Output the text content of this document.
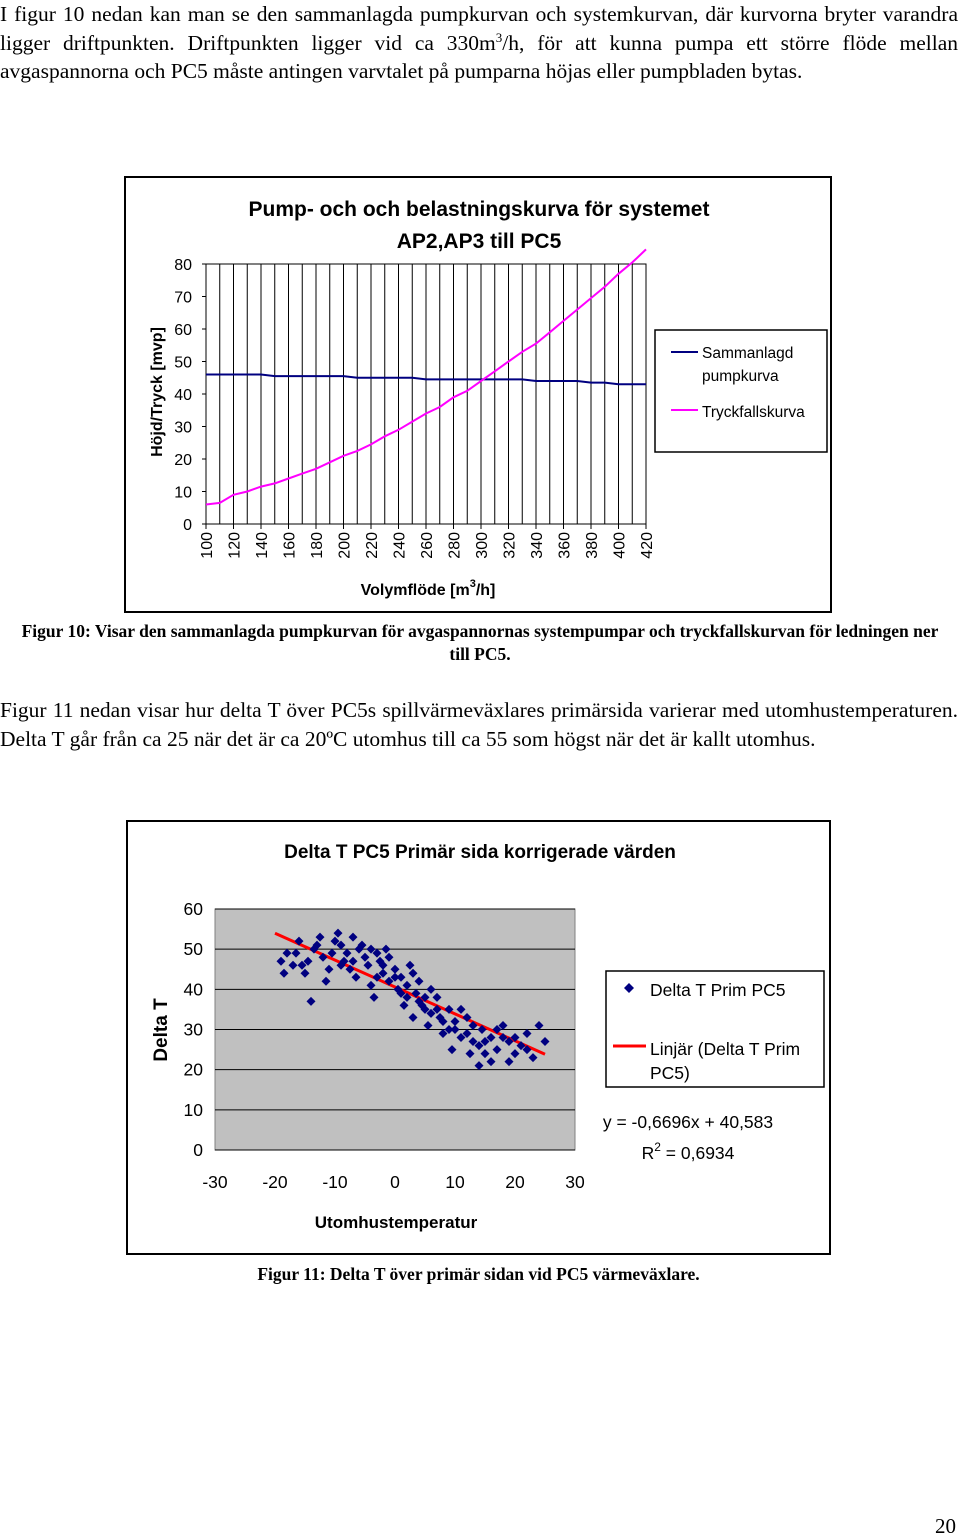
I figur 10 nedan kan man se den sammanlagda pumpkurvan och systemkurvan, där kurvorna bryter varandra ligger driftpunkten. Driftpunkten ligger vid ca $330m^3/h$, för att kunna pumpa ett större flöde mellan avgaspannorna och PC5 måste antingen varvtalet på pumparna höjas eller pumpbladen bytas.

Pump- och och belastningskurva för systemet
AP2,AP3 till PC5
0
10
20
30
40
50
60
70
80
100 120 140 160 180 200 220 240 260 280 300 320 340 360 380 400 420
Höjd/Tryck [mvp]
Volymflöde $[m^3/h]$
Sammanlagd
pumpkurva
Tryckfallskurva

Figur 10: Visar den sammanlagda pumpkurvan för avgaspannornas systempumpar och tryckfallskurvan för ledningen ner till PC5.

Figur 11 nedan visar hur delta T över PC5s spillvärmeväxlares primärsida varierar med utomhustemperaturen. Delta T går från ca 25 när det är ca 20ºC utomhus till ca 55 som högst när det är kallt utomhus.

Delta T PC5 Primär sida korrigerade värden
0
10
20
30
40
50
60
-30 -20 -10 0	10 20 30
Delta T
Utomhustemperatur
Delta T Prim PC5
Linjär (Delta T Prim
PC5)
y = -0,6696x + 40,583
$R^2 = 0,6934$

Figur 11: Delta T över primär sidan vid PC5 värmeväxlare.

20
